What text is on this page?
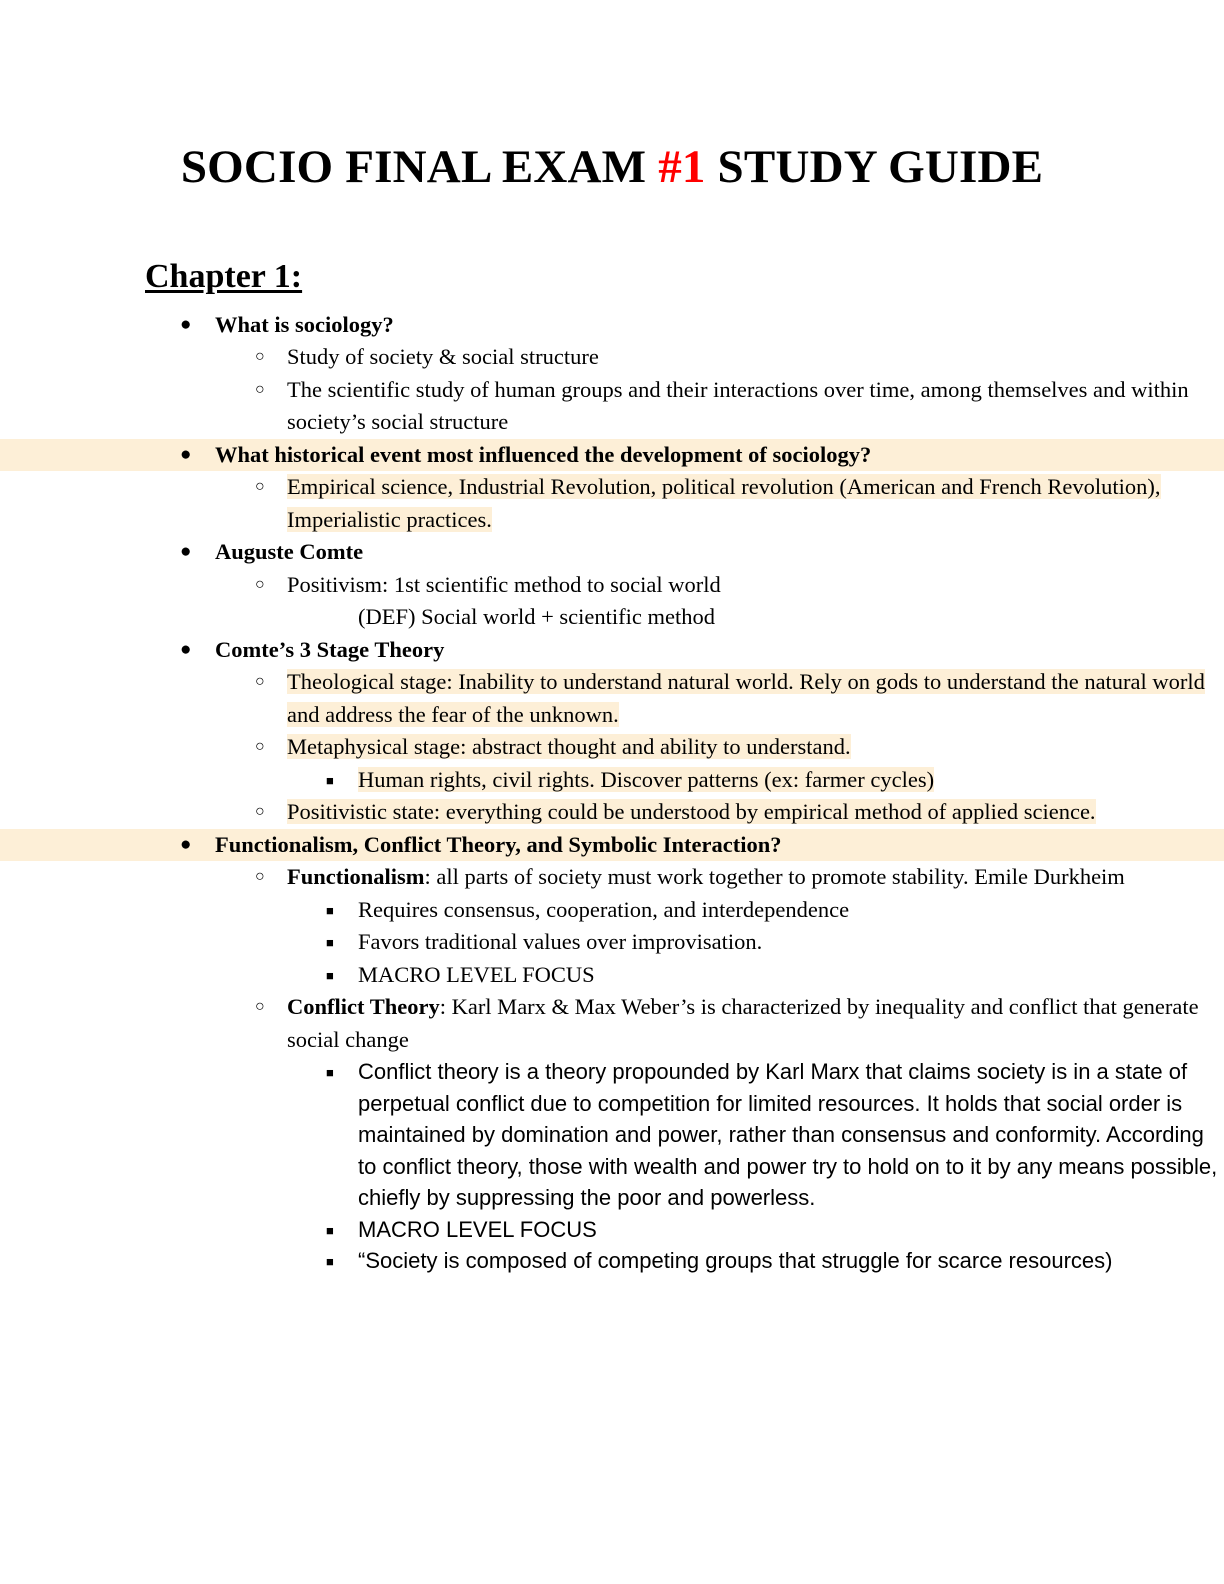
SOCIO FINAL EXAM #1 STUDY GUIDE
Chapter 1:
● What is sociology?
○ Study of society & social structure
○ The scientific study of human groups and their interactions over time, among themselves and within society’s social structure
● What historical event most influenced the development of sociology?
○ Empirical science, Industrial Revolution, political revolution (American and French Revolution), Imperialistic practices.
● Auguste Comte
○ Positivism: 1st scientific method to social world
(DEF) Social world + scientific method
● Comte’s 3 Stage Theory
○ Theological stage: Inability to understand natural world. Rely on gods to understand the natural world and address the fear of the unknown.
○ Metaphysical stage: abstract thought and ability to understand.
■ Human rights, civil rights. Discover patterns (ex: farmer cycles)
○ Positivistic state: everything could be understood by empirical method of applied science.
● Functionalism, Conflict Theory, and Symbolic Interaction?
○ Functionalism: all parts of society must work together to promote stability. Emile Durkheim
■ Requires consensus, cooperation, and interdependence
■ Favors traditional values over improvisation.
■ MACRO LEVEL FOCUS
○ Conflict Theory: Karl Marx & Max Weber’s is characterized by inequality and conflict that generate social change
■ Conflict theory is a theory propounded by Karl Marx that claims society is in a state of perpetual conflict due to competition for limited resources. It holds that social order is maintained by domination and power, rather than consensus and conformity. According to conflict theory, those with wealth and power try to hold on to it by any means possible, chiefly by suppressing the poor and powerless.
■ MACRO LEVEL FOCUS
■ “Society is composed of competing groups that struggle for scarce resources)
